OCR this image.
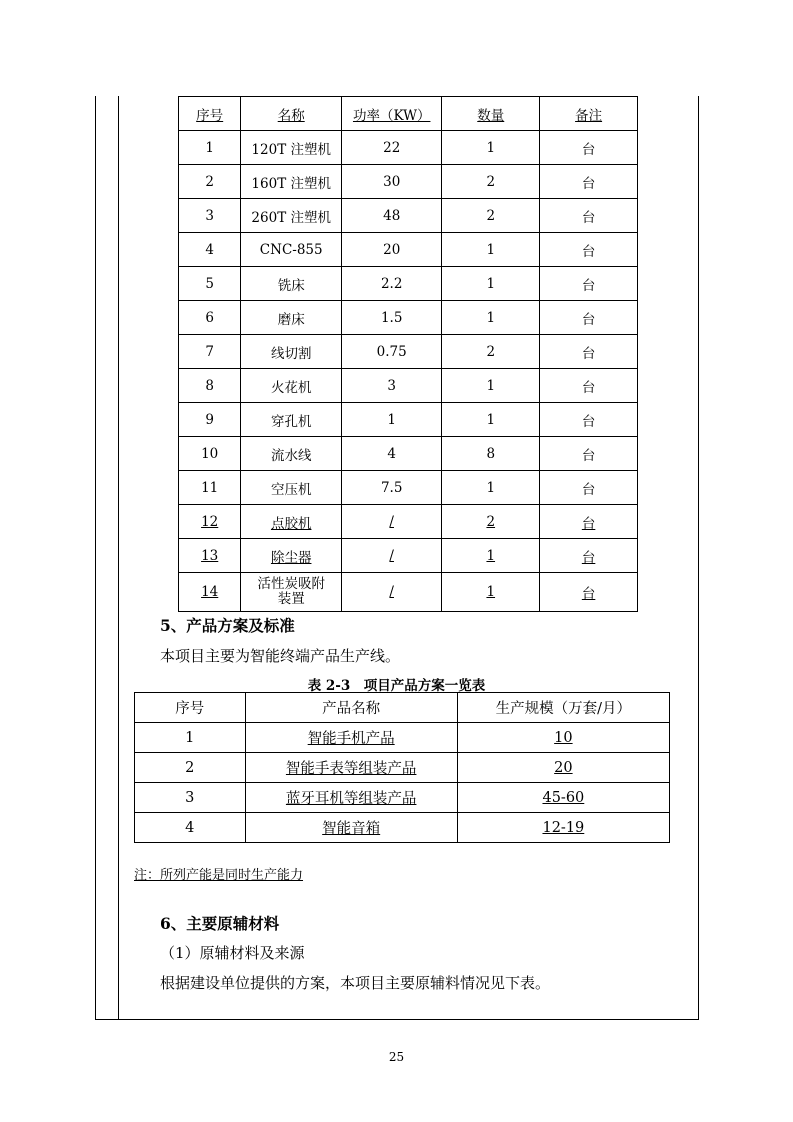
序号	名称	功率（KW）	数量	备注
1	120T 注塑机	22	1	台
2	160T 注塑机	30	2	台
3	260T 注塑机	48	2	台
4	CNC-855	20	1	台
5	铣床	2.2	1	台
6	磨床	1.5	1	台
7	线切割	0.75	2	台
8	火花机	3	1	台
9	穿孔机	1	1	台
10	流水线	4	8	台
11	空压机	7.5	1	台
12	点胶机	/	2	台
13	除尘器	/	1	台
14	活性炭吸附装置	/	1	台
5、产品方案及标准
本项目主要为智能终端产品生产线。
表 2-3　项目产品方案一览表
序号	产品名称	生产规模（万套/月）
1	智能手机产品	10
2	智能手表等组装产品	20
3	蓝牙耳机等组装产品	45-60
4	智能音箱	12-19
注：所列产能是同时生产能力
6、主要原辅材料
（1）原辅材料及来源
根据建设单位提供的方案，本项目主要原辅料情况见下表。
25
